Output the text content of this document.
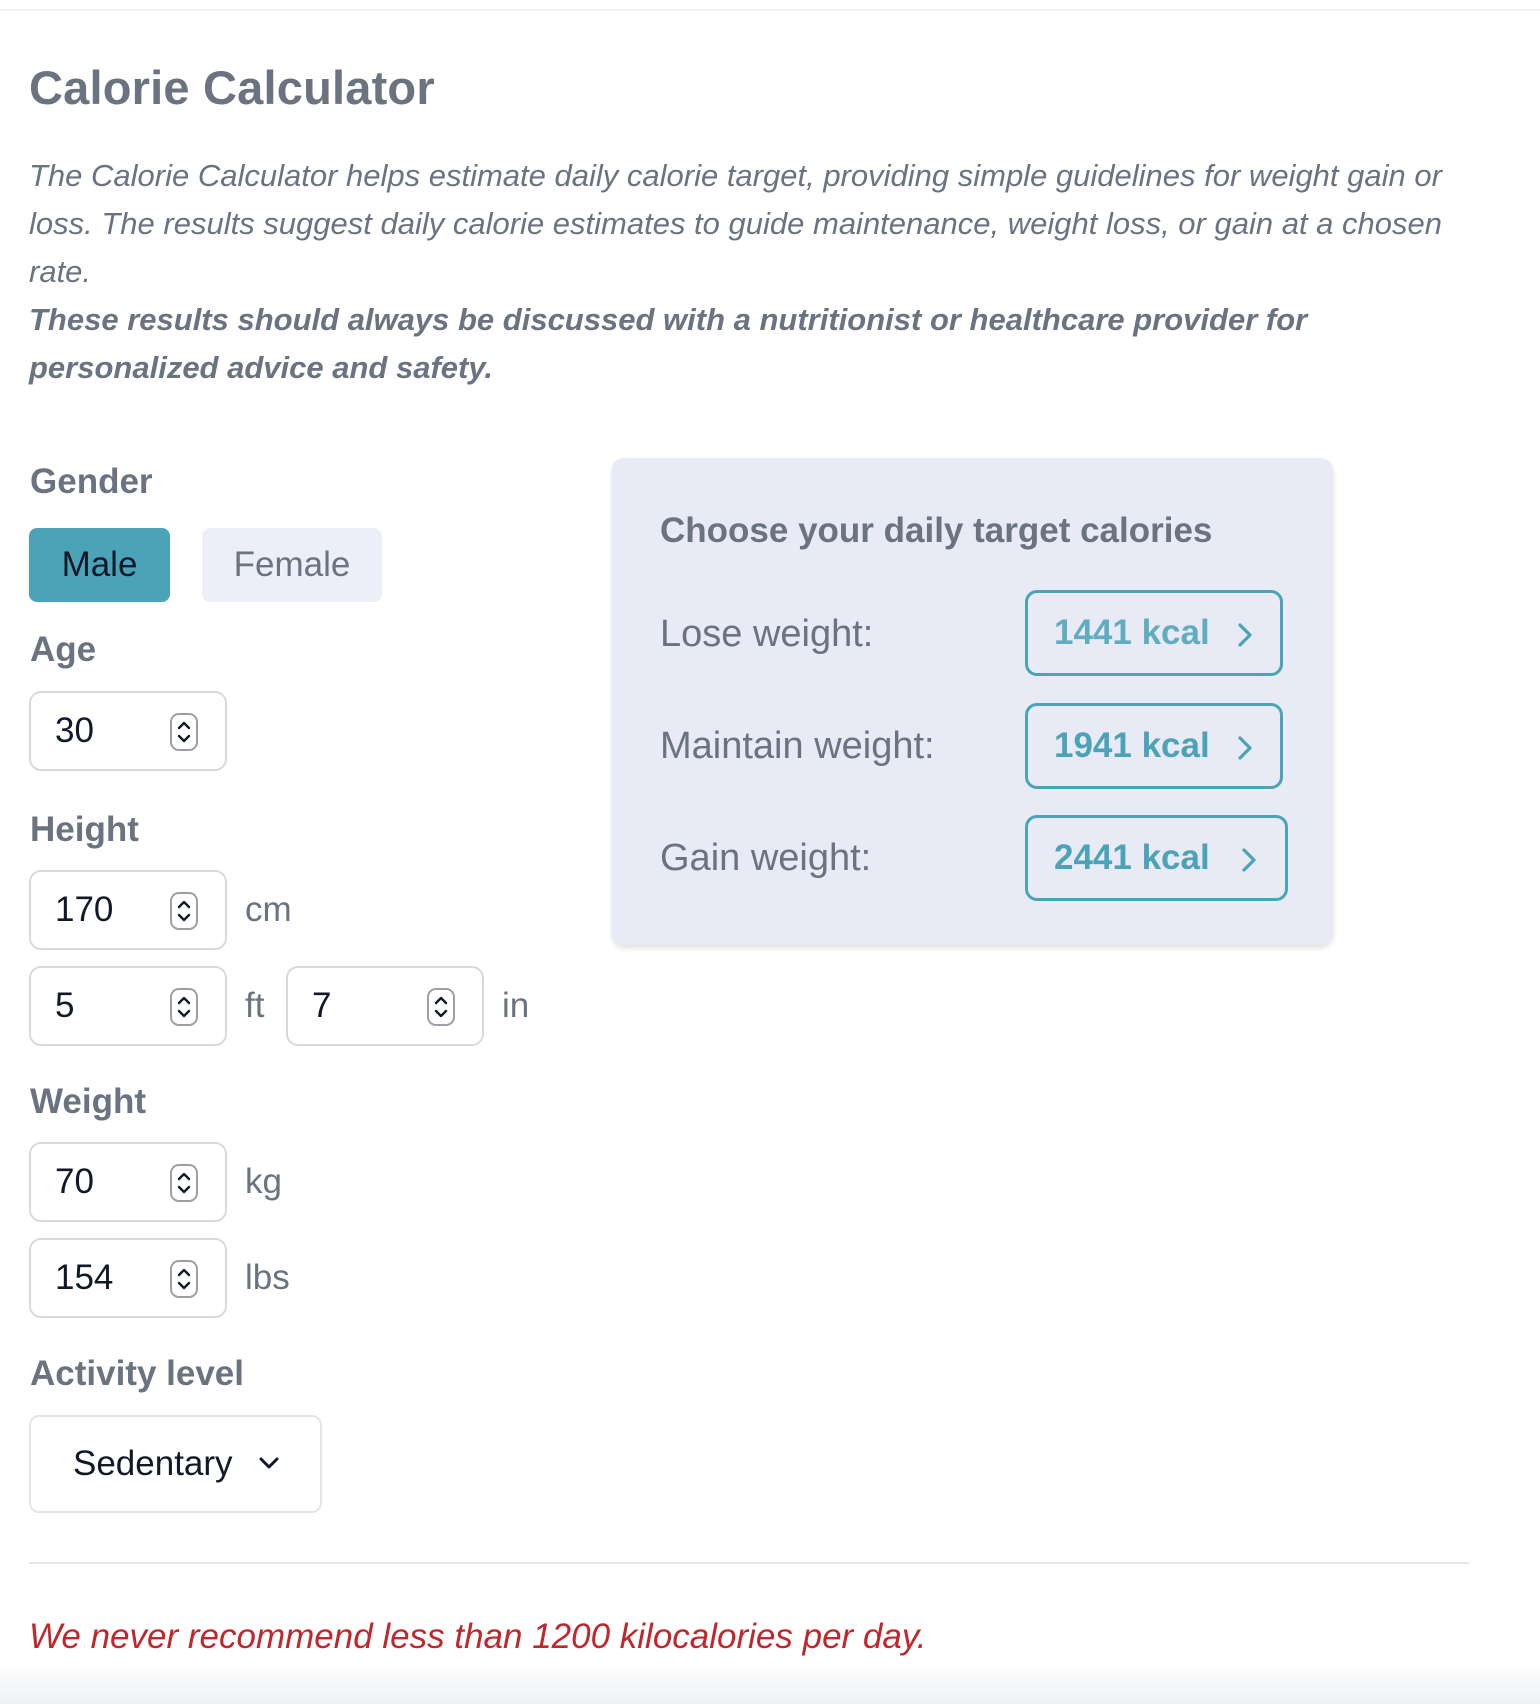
Calorie Calculator

The Calorie Calculator helps estimate daily calorie target, providing simple guidelines for weight gain or loss. The results suggest daily calorie estimates to guide maintenance, weight loss, or gain at a chosen rate.
These results should always be discussed with a nutritionist or healthcare provider for personalized advice and safety.

Gender
Male	Female
Age
30
Height
170
cm
5
ft
7	in
Weight
70
kg
154
lbs
Activity level
Sedentary
Choose your daily target calories
Lose weight:	1441 kcal
Maintain weight:	1941 kcal
Gain weight:	2441 kcal

We never recommend less than 1200 kilocalories per day.
